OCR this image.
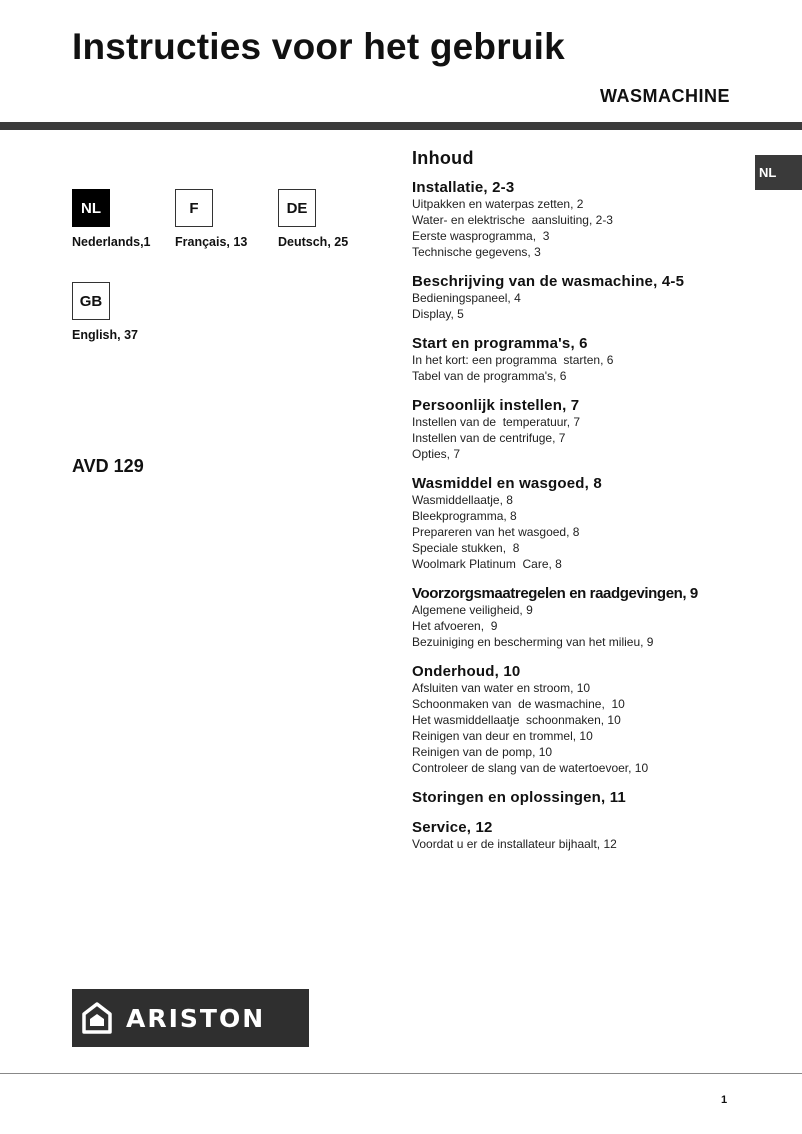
Instructies voor het gebruik
WASMACHINE
NL
NL
Nederlands,1
F
Français, 13
DE
Deutsch, 25
GB
English, 37
AVD 129
Inhoud
Installatie, 2-3
Uitpakken en waterpas zetten, 2
Water- en elektrische  aansluiting, 2-3
Eerste wasprogramma,  3
Technische gegevens, 3
Beschrijving van de wasmachine, 4-5
Bedieningspaneel, 4
Display, 5
Start en programma's, 6
In het kort: een programma  starten, 6
Tabel van de programma's, 6
Persoonlijk instellen, 7
Instellen van de  temperatuur, 7
Instellen van de centrifuge, 7
Opties, 7
Wasmiddel en wasgoed, 8
Wasmiddellaatje, 8
Bleekprogramma, 8
Prepareren van het wasgoed, 8
Speciale stukken,  8
Woolmark Platinum  Care, 8
Voorzorgsmaatregelen en raadgevingen, 9
Algemene veiligheid, 9
Het afvoeren,  9
Bezuiniging en bescherming van het milieu, 9
Onderhoud, 10
Afsluiten van water en stroom, 10
Schoonmaken van  de wasmachine,  10
Het wasmiddellaatje  schoonmaken, 10
Reinigen van deur en trommel, 10
Reinigen van de pomp, 10
Controleer de slang van de watertoevoer, 10
Storingen en oplossingen, 11
Service, 12
Voordat u er de installateur bijhaalt, 12
ARISTON
1
